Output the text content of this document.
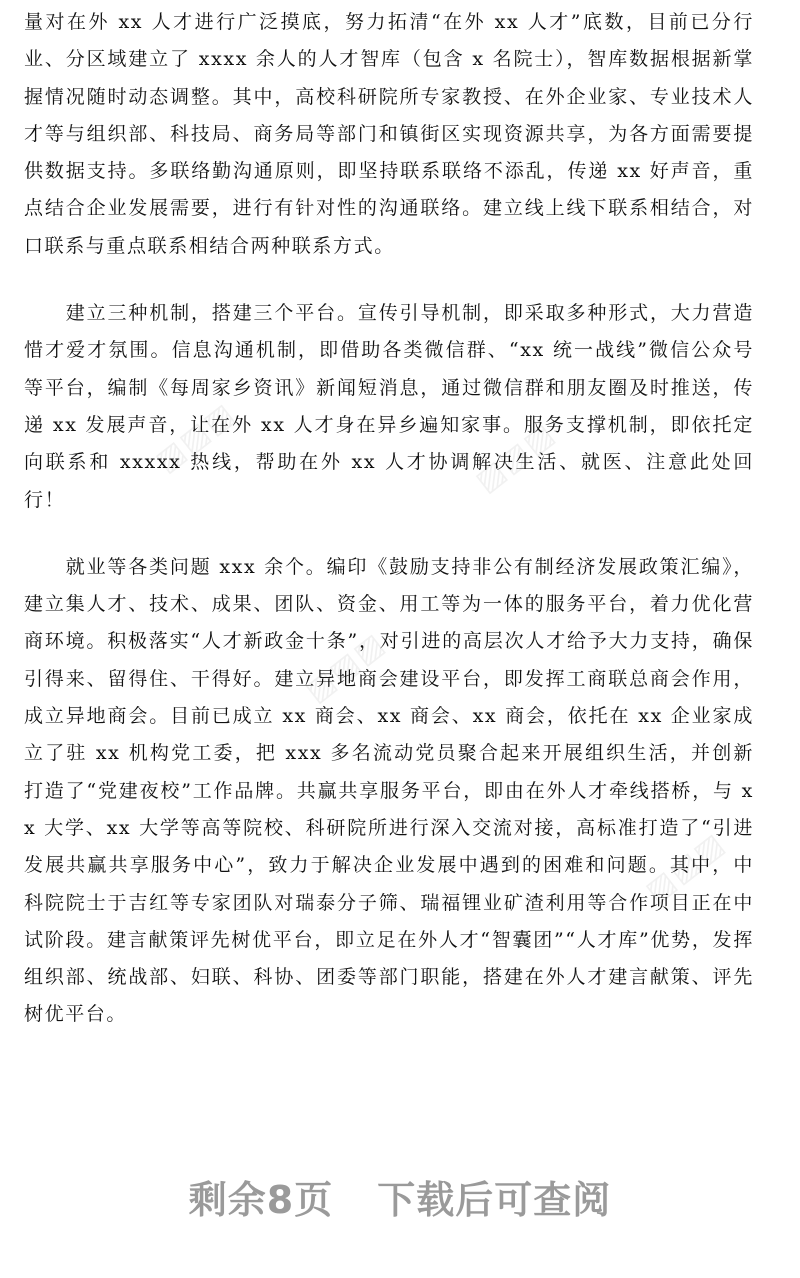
▨▨▨
▨▨▨
▨▨▨
▨▨▨

量对在外 xx 人才进行广泛摸底，努力拓清“在外 xx 人才”底数，目前已分行业、分区域建立了 xxxx 余人的人才智库（包含 x 名院士），智库数据根据新掌握情况随时动态调整。其中，高校科研院所专家教授、在外企业家、专业技术人才等与组织部、科技局、商务局等部门和镇街区实现资源共享，为各方面需要提供数据支持。多联络勤沟通原则，即坚持联系联络不添乱，传递 xx 好声音，重点结合企业发展需要，进行有针对性的沟通联络。建立线上线下联系相结合，对口联系与重点联系相结合两种联系方式。

建立三种机制，搭建三个平台。宣传引导机制，即采取多种形式，大力营造惜才爱才氛围。信息沟通机制，即借助各类微信群、“xx 统一战线”微信公众号等平台，编制《每周家乡资讯》新闻短消息，通过微信群和朋友圈及时推送，传递 xx 发展声音，让在外 xx 人才身在异乡遍知家事。服务支撑机制，即依托定向联系和 xxxxx 热线，帮助在外 xx 人才协调解决生活、就医、注意此处回行！

就业等各类问题 xxx 余个。编印《鼓励支持非公有制经济发展政策汇编》，建立集人才、技术、成果、团队、资金、用工等为一体的服务平台，着力优化营商环境。积极落实“人才新政金十条”，对引进的高层次人才给予大力支持，确保引得来、留得住、干得好。建立异地商会建设平台，即发挥工商联总商会作用，成立异地商会。目前已成立 xx 商会、xx 商会、xx 商会，依托在 xx 企业家成立了驻 xx 机构党工委，把 xxx 多名流动党员聚合起来开展组织生活，并创新打造了“党建夜校”工作品牌。共赢共享服务平台，即由在外人才牵线搭桥，与 xx 大学、xx 大学等高等院校、科研院所进行深入交流对接，高标准打造了“引进发展共赢共享服务中心”，致力于解决企业发展中遇到的困难和问题。其中，中科院院士于吉红等专家团队对瑞泰分子筛、瑞福锂业矿渣利用等合作项目正在中试阶段。建言献策评先树优平台，即立足在外人才“智囊团”“人才库”优势，发挥组织部、统战部、妇联、科协、团委等部门职能，搭建在外人才建言献策、评先树优平台。

剩余8页 下载后可查阅
